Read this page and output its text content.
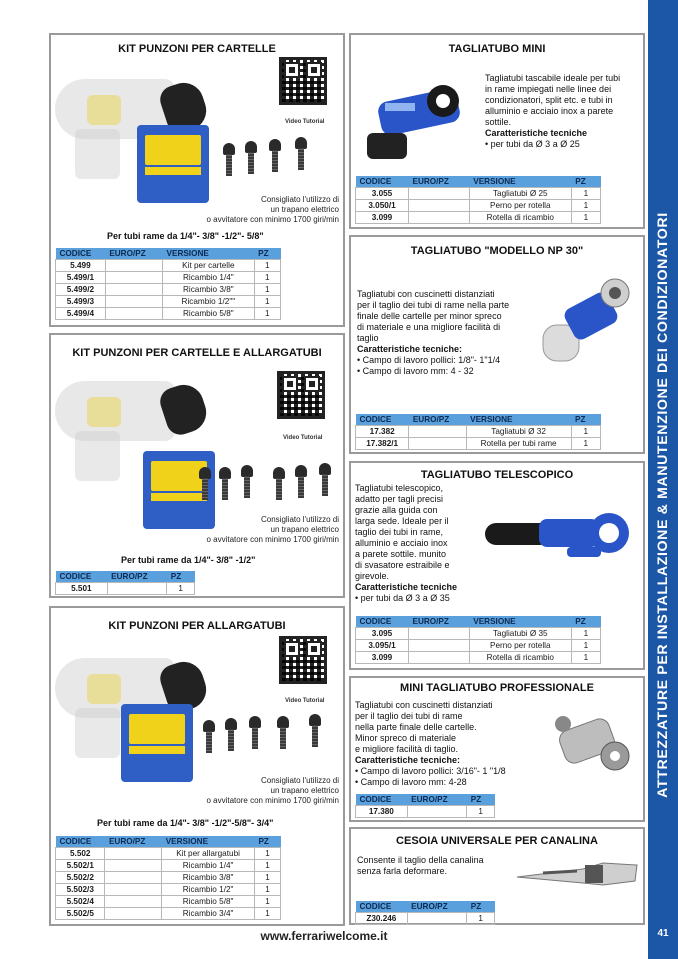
ATTREZZATURE PER INSTALLAZIONE & MANUTENZIONE DEI CONDIZIONATORI
41
www.ferrariwelcome.it
KIT PUNZONI PER CARTELLE
Video Tutorial
Consigliato l'utilizzo di
un trapano elettrico
o avvitatore con minimo 1700 giri/min
Per tubi rame da 1/4"- 3/8" -1/2"- 5/8"
CODICE	EURO/PZ	VERSIONE	PZ
5.499		Kit per cartelle	1
5.499/1		Ricambio 1/4"	1
5.499/2		Ricambio 3/8"	1
5.499/3		Ricambio 1/2""	1
5.499/4		Ricambio 5/8"	1
KIT PUNZONI PER CARTELLE E ALLARGATUBI
Video Tutorial
Consigliato l'utilizzo di
un trapano elettrico
o avvitatore con minimo 1700 giri/min
Per tubi rame da 1/4"- 3/8" -1/2"
CODICE	EURO/PZ	PZ
5.501		1
KIT PUNZONI PER ALLARGATUBI
Video Tutorial
Consigliato l'utilizzo di
un trapano elettrico
o avvitatore con minimo 1700 giri/min
Per tubi rame da 1/4"- 3/8" -1/2"-5/8"- 3/4"
CODICE	EURO/PZ	VERSIONE	PZ
5.502		Kit per allargatubi	1
5.502/1		Ricambio 1/4"	1
5.502/2		Ricambio 3/8"	1
5.502/3		Ricambio 1/2"	1
5.502/4		Ricambio 5/8"	1
5.502/5		Ricambio 3/4"	1
TAGLIATUBO MINI
Tagliatubi tascabile ideale per tubi
in rame impiegati nelle linee dei
condizionatori, split etc. e tubi in
alluminio e acciaio inox a parete
sottile.
Caratteristiche tecniche
• per tubi da Ø 3 a Ø 25
CODICE	EURO/PZ	VERSIONE	PZ
3.055		Tagliatubi Ø 25	1
3.050/1		Perno per rotella	1
3.099		Rotella di ricambio	1
TAGLIATUBO "MODELLO NP 30"
Tagliatubi con cuscinetti distanziati
per il taglio dei tubi di rame nella parte
finale delle cartelle per minor spreco
di materiale e una migliore facilità di
taglio
Caratteristiche tecniche:
• Campo di lavoro pollici: 1/8"- 1"1/4
• Campo di lavoro mm: 4 - 32
CODICE	EURO/PZ	VERSIONE	PZ
17.382		Tagliatubi Ø 32	1
17.382/1		Rotella per tubi rame	1
TAGLIATUBO TELESCOPICO
Tagliatubi telescopico,
adatto per tagli precisi
grazie alla guida con
larga sede. Ideale per il
taglio dei tubi in rame,
alluminio e acciaio inox
a parete sottile. munito
di svasatore estraibile e
girevole.
Caratteristiche tecniche
• per tubi da Ø 3 a Ø 35
CODICE	EURO/PZ	VERSIONE	PZ
3.095		Tagliatubi Ø 35	1
3.095/1		Perno per rotella	1
3.099		Rotella di ricambio	1
MINI TAGLIATUBO PROFESSIONALE
Tagliatubi con cuscinetti distanziati
per il taglio dei tubi di rame
nella parte finale delle cartelle.
Minor spreco di materiale
e migliore facilità di taglio.
Caratteristiche tecniche:
• Campo di lavoro pollici: 3/16"- 1 "1/8
• Campo di lavoro mm: 4-28
CODICE	EURO/PZ	PZ
17.380		1
CESOIA UNIVERSALE PER CANALINA
Consente il taglio della canalina
senza farla deformare.
CODICE	EURO/PZ	PZ
Z30.246		1
